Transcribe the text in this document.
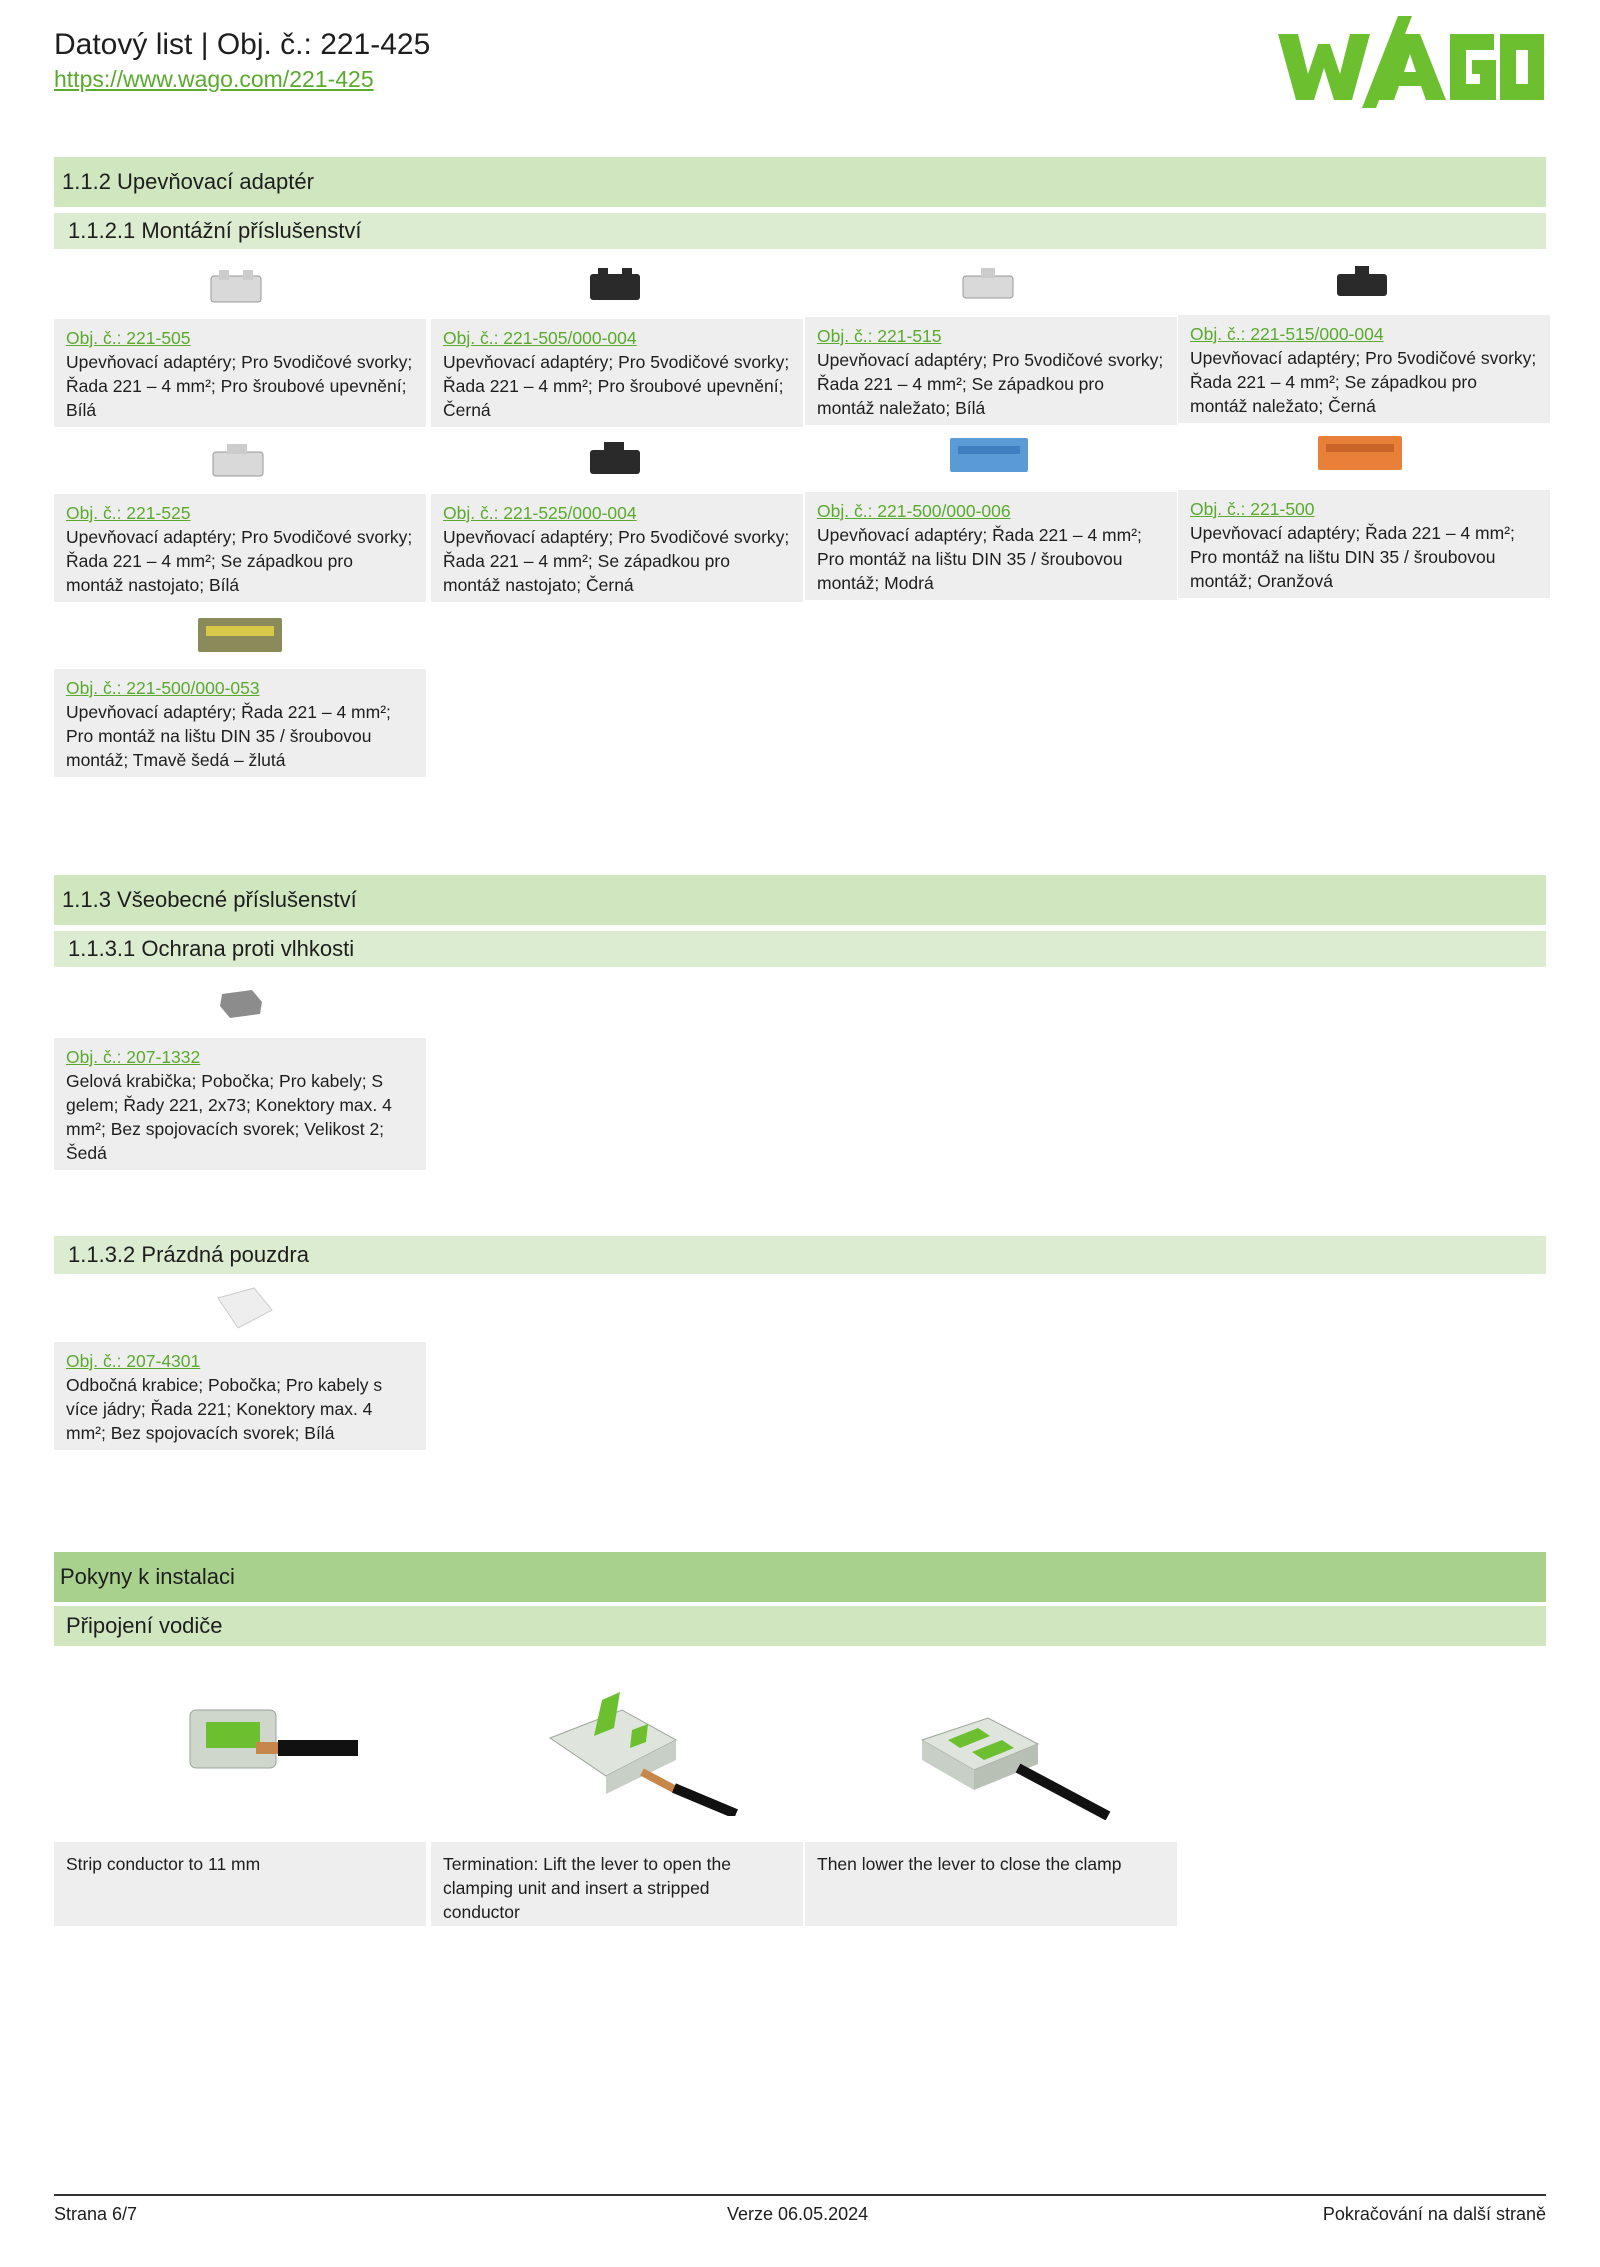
Datový list | Obj. č.: 221-425
https://www.wago.com/221-425
1.1.2 Upevňovací adaptér
1.1.2.1 Montážní příslušenství
Obj. č.: 221-505
Upevňovací adaptéry; Pro 5vodičové svorky; Řada 221 – 4 mm²; Pro šroubové upevnění; Bílá
Obj. č.: 221-505/000-004
Upevňovací adaptéry; Pro 5vodičové svorky; Řada 221 – 4 mm²; Pro šroubové upevnění; Černá
Obj. č.: 221-515
Upevňovací adaptéry; Pro 5vodičové svorky; Řada 221 – 4 mm²; Se západkou pro montáž naležato; Bílá
Obj. č.: 221-515/000-004
Upevňovací adaptéry; Pro 5vodičové svorky; Řada 221 – 4 mm²; Se západkou pro montáž naležato; Černá
Obj. č.: 221-525
Upevňovací adaptéry; Pro 5vodičové svorky; Řada 221 – 4 mm²; Se západkou pro montáž nastojato; Bílá
Obj. č.: 221-525/000-004
Upevňovací adaptéry; Pro 5vodičové svorky; Řada 221 – 4 mm²; Se západkou pro montáž nastojato; Černá
Obj. č.: 221-500/000-006
Upevňovací adaptéry; Řada 221 – 4 mm²; Pro montáž na lištu DIN 35 / šroubovou montáž; Modrá
Obj. č.: 221-500
Upevňovací adaptéry; Řada 221 – 4 mm²; Pro montáž na lištu DIN 35 / šroubovou montáž; Oranžová
Obj. č.: 221-500/000-053
Upevňovací adaptéry; Řada 221 – 4 mm²; Pro montáž na lištu DIN 35 / šroubovou montáž; Tmavě šedá – žlutá
1.1.3 Všeobecné příslušenství
1.1.3.1 Ochrana proti vlhkosti
Obj. č.: 207-1332
Gelová krabička; Pobočka; Pro kabely; S gelem; Řady 221, 2x73; Konektory max. 4 mm²; Bez spojovacích svorek; Velikost 2; Šedá
1.1.3.2 Prázdná pouzdra
Obj. č.: 207-4301
Odbočná krabice; Pobočka; Pro kabely s více jádry; Řada 221; Konektory max. 4 mm²; Bez spojovacích svorek; Bílá
Pokyny k instalaci
Připojení vodiče
Strip conductor to 11 mm	Termination: Lift the lever to open the clamping unit and insert a stripped conductor
Then lower the lever to close the clamp
Strana 6/7	Verze 06.05.2024	Pokračování na další straně
